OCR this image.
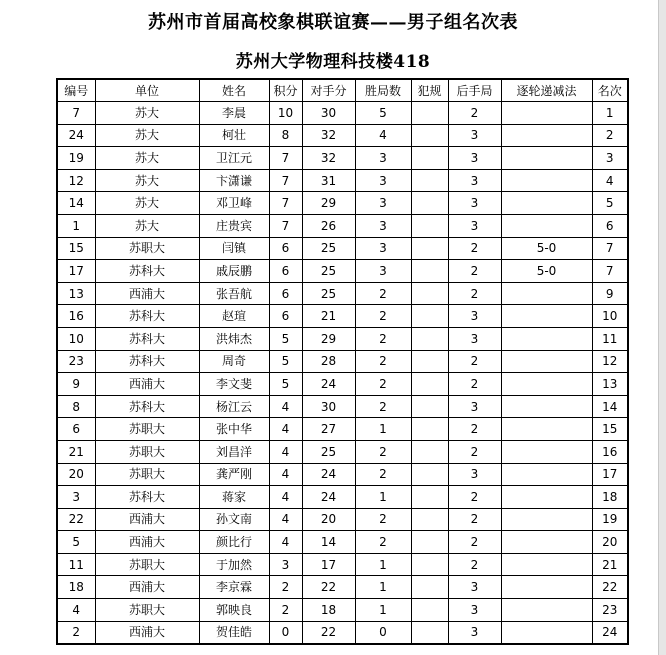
苏州市首届高校象棋联谊赛——男子组名次表
苏州大学物理科技楼418
编号	单位	姓名	积分	对手分	胜局数	犯规	后手局	逐轮递减法	名次
7	苏大	李晨	10	30	5		2		1
24	苏大	柯壮	8	32	4		3		2
19	苏大	卫江元	7	32	3		3		3
12	苏大	卞潇谦	7	31	3		3		4
14	苏大	邓卫峰	7	29	3		3		5
1	苏大	庄贵宾	7	26	3		3		6
15	苏职大	闫镇	6	25	3		2	5-0	7
17	苏科大	戚辰鹏	6	25	3		2	5-0	7
13	西浦大	张吾航	6	25	2		2		9
16	苏科大	赵瑄	6	21	2		3		10
10	苏科大	洪炜杰	5	29	2		3		11
23	苏科大	周奇	5	28	2		2		12
9	西浦大	李文斐	5	24	2		2		13
8	苏科大	杨江云	4	30	2		3		14
6	苏职大	张中华	4	27	1		2		15
21	苏职大	刘昌洋	4	25	2		2		16
20	苏职大	龚严刚	4	24	2		3		17
3	苏科大	蒋家	4	24	1		2		18
22	西浦大	孙文南	4	20	2		2		19
5	西浦大	颜比行	4	14	2		2		20
11	苏职大	于加然	3	17	1		2		21
18	西浦大	李京霖	2	22	1		3		22
4	苏职大	郭映良	2	18	1		3		23
2	西浦大	贺佳皓	0	22	0		3		24
